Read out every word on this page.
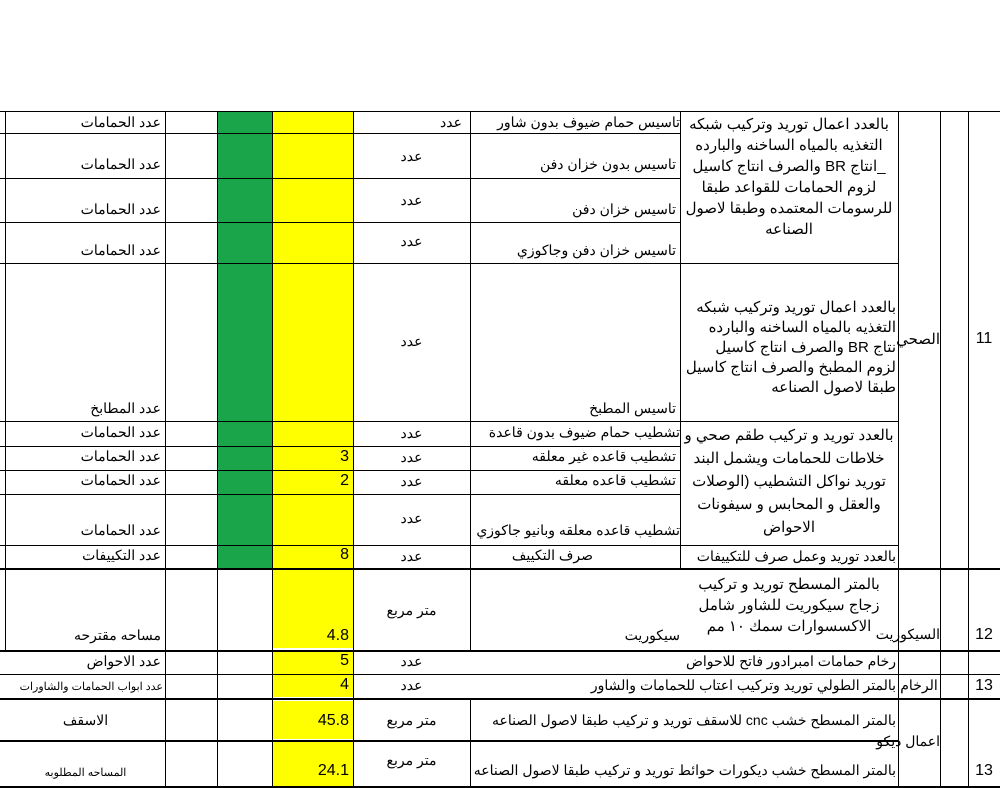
11
الصحي
12
السيكوريت
13
الرخام
13
اعمال ديكو
بالعدد اعمال توريد وتركيب شبكه التغذيه بالمياه الساخنه والبارده _انتاج BR والصرف انتاج كاسيل لزوم الحمامات للقواعد طبقا للرسومات المعتمده وطبقا لاصول الصناعه
بالعدد اعمال توريد وتركيب شبكه التغذيه بالمياه الساخنه والبارده نتاج BR والصرف انتاج كاسيل لزوم المطبخ والصرف انتاج كاسيل طبقا لاصول الصناعه
بالعدد توريد و تركيب طقم صحي و خلاطات للحمامات ويشمل البند توريد نواكل التشطيب (الوصلات والعقل و المحابس و سيفونات الاحواض
بالعدد توريد وعمل صرف للتكييفات
بالمتر المسطح توريد و تركيب زجاج سيكوريت للشاور شامل الاكسسوارات سمك ١٠ مم
تاسيس حمام ضيوف بدون شاور
عدد
عدد الحمامات
تاسيس بدون خزان دفن
عدد
عدد الحمامات
تاسيس خزان دفن
عدد
عدد الحمامات
تاسيس خزان دفن وجاكوزي
عدد
عدد الحمامات
تاسيس المطبخ
عدد
عدد المطابخ
تشطيب حمام ضيوف بدون قاعدة
عدد
عدد الحمامات
تشطيب قاعده غير معلقه
عدد
3
عدد الحمامات
تشطيب قاعده معلقه
عدد
2
عدد الحمامات
تشطيب قاعده معلقه وبانيو جاكوزي
عدد
عدد الحمامات
صرف التكييف
عدد
8
عدد التكييفات
سيكوريت
متر مربع
4.8
مساحه مقترحه
رخام حمامات امبرادور فاتح للاحواض
عدد
5
عدد الاحواض
بالمتر الطولي توريد وتركيب اعتاب للحمامات والشاور
عدد
4
عدد ابواب الحمامات والشاورات
بالمتر المسطح خشب cnc للاسقف توريد و تركيب طبقا لاصول الصناعه
متر مربع
45.8
الاسقف
بالمتر المسطح خشب ديكورات حوائط توريد و تركيب طبقا لاصول الصناعه
متر مربع
24.1
المساحه المطلوبه
